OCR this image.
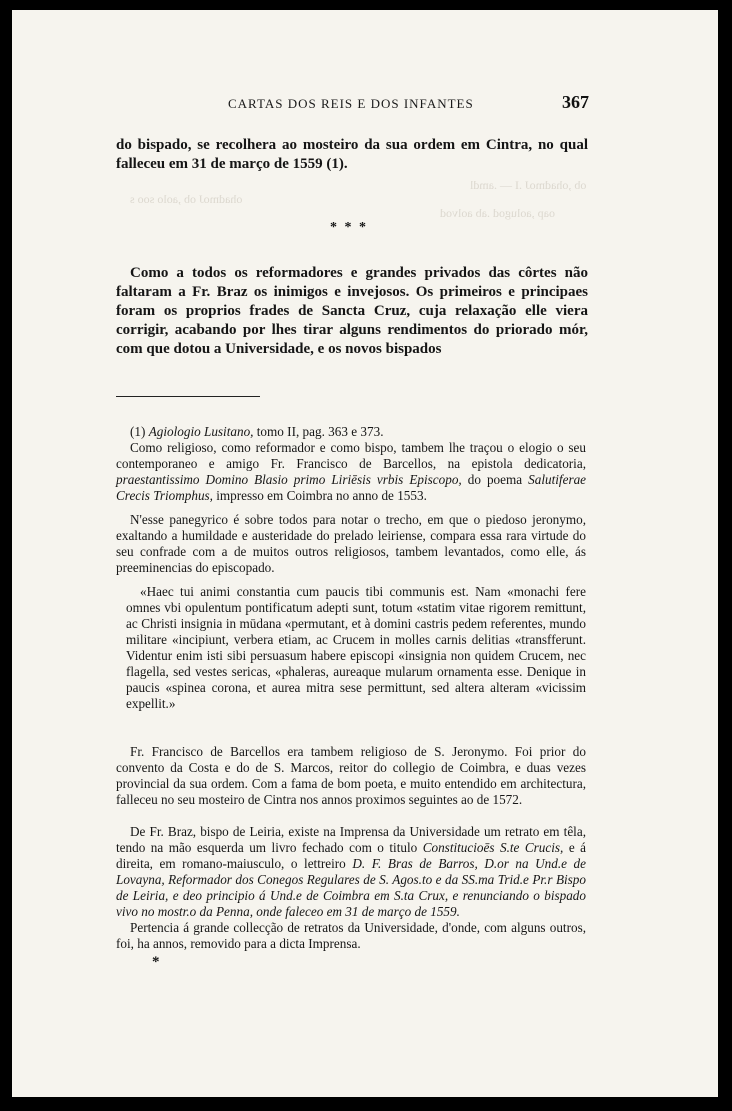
ob ,ohadmoJ .I — .amdl
ohadmoJ ob ,aolo soo s
oap ,aolugod .ab aolvod
CARTAS DOS REIS E DOS INFANTES	367

do bispado, se recolhera ao mosteiro da sua ordem em Cintra, no qual falleceu em 31 de março de 1559 (1).

* * *

Como a todos os reformadores e grandes privados das côrtes não faltaram a Fr. Braz os inimigos e invejosos. Os primeiros e principaes foram os proprios frades de Sancta Cruz, cuja relaxação elle viera corrigir, acabando por lhes tirar alguns rendimentos do priorado mór, com que dotou a Universidade, e os novos bispados

(1) Agiologio Lusitano, tomo II, pag. 363 e 373.

Como religioso, como reformador e como bispo, tambem lhe traçou o elogio o seu contemporaneo e amigo Fr. Francisco de Barcellos, na epistola dedicatoria, praestantissimo Domino Blasio primo Liriēsis vrbis Episcopo, do poema Salutiferae Crecis Triomphus, impresso em Coimbra no anno de 1553.

N'esse panegyrico é sobre todos para notar o trecho, em que o piedoso jeronymo, exaltando a humildade e austeridade do prelado leiriense, compara essa rara virtude do seu confrade com a de muitos outros religiosos, tambem levantados, como elle, ás preeminencias do episcopado.

«Haec tui animi constantia cum paucis tibi communis est. Nam «monachi fere omnes vbi opulentum pontificatum adepti sunt, totum «statim vitae rigorem remittunt, ac Christi insignia in mūdana «permutant, et à domini castris pedem referentes, mundo militare «incipiunt, verbera etiam, ac Crucem in molles carnis delitias «transfferunt. Videntur enim isti sibi persuasum habere episcopi «insignia non quidem Crucem, nec flagella, sed vestes sericas, «phaleras, aureaque mularum ornamenta esse. Denique in paucis «spinea corona, et aurea mitra sese permittunt, sed altera alteram «vicissim expellit.»

Fr. Francisco de Barcellos era tambem religioso de S. Jeronymo. Foi prior do convento da Costa e do de S. Marcos, reitor do collegio de Coimbra, e duas vezes provincial da sua ordem. Com a fama de bom poeta, e muito entendido em architectura, falleceu no seu mosteiro de Cintra nos annos proximos seguintes ao de 1572.

De Fr. Braz, bispo de Leiria, existe na Imprensa da Universidade um retrato em têla, tendo na mão esquerda um livro fechado com o titulo Constitucioēs S.te Crucis, e á direita, em romano-maiusculo, o lettreiro D. F. Bras de Barros, D.or na Und.e de Lovayna, Reformador dos Conegos Regulares de S. Agos.to e da SS.ma Trid.e Pr.r Bispo de Leiria, e deo principio á Und.e de Coimbra em S.ta Crux, e renunciando o bispado vivo no mostr.o da Penna, onde faleceo em 31 de março de 1559.

Pertencia á grande collecção de retratos da Universidade, d'onde, com alguns outros, foi, ha annos, removido para a dicta Imprensa.

*
